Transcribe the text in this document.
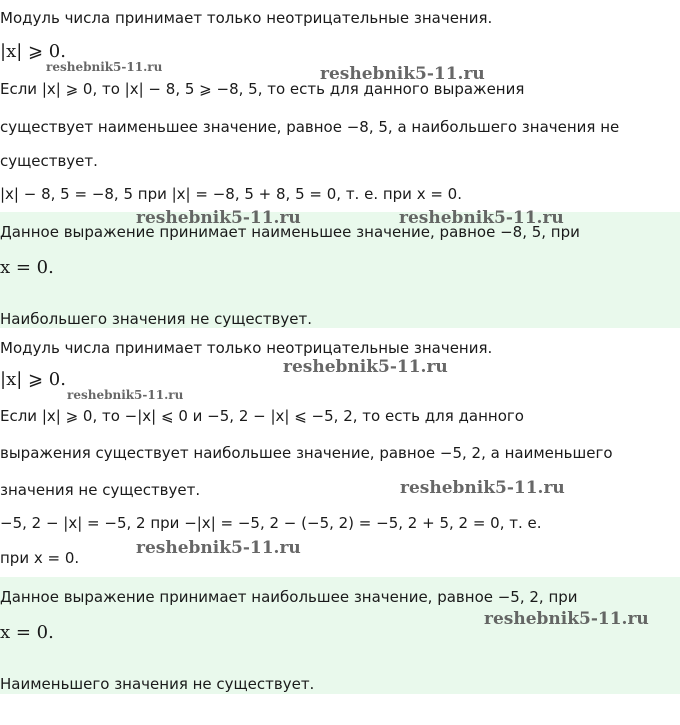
Модуль числа принимает только неотрицательные значения.
|x| ⩾ 0.
Если |x| ⩾ 0, то |x| − 8, 5 ⩾ −8, 5, то есть для данного выражения
существует наименьшее значение, равное −8, 5, а наибольшего значения не
существует.
|x| − 8, 5 = −8, 5 при |x| = −8, 5 + 8, 5 = 0, т. е. при x = 0.
Данное выражение принимает наименьшее значение, равное −8, 5, при
x = 0.
Наибольшего значения не существует.
Модуль числа принимает только неотрицательные значения.
|x| ⩾ 0.
Если |x| ⩾ 0, то −|x| ⩽ 0 и −5, 2 − |x| ⩽ −5, 2, то есть для данного
выражения существует наибольшее значение, равное −5, 2, а наименьшего
значения не существует.
−5, 2 − |x| = −5, 2 при −|x| = −5, 2 − (−5, 2) = −5, 2 + 5, 2 = 0, т. е.
при x = 0.
Данное выражение принимает наибольшее значение, равное −5, 2, при
x = 0.
Наименьшего значения не существует.
reshebnik5-11.ru	reshebnik5-11.ru
reshebnik5-11.ru	reshebnik5-11.ru
reshebnik5-11.ru
reshebnik5-11.ru
reshebnik5-11.ru
reshebnik5-11.ru
reshebnik5-11.ru
